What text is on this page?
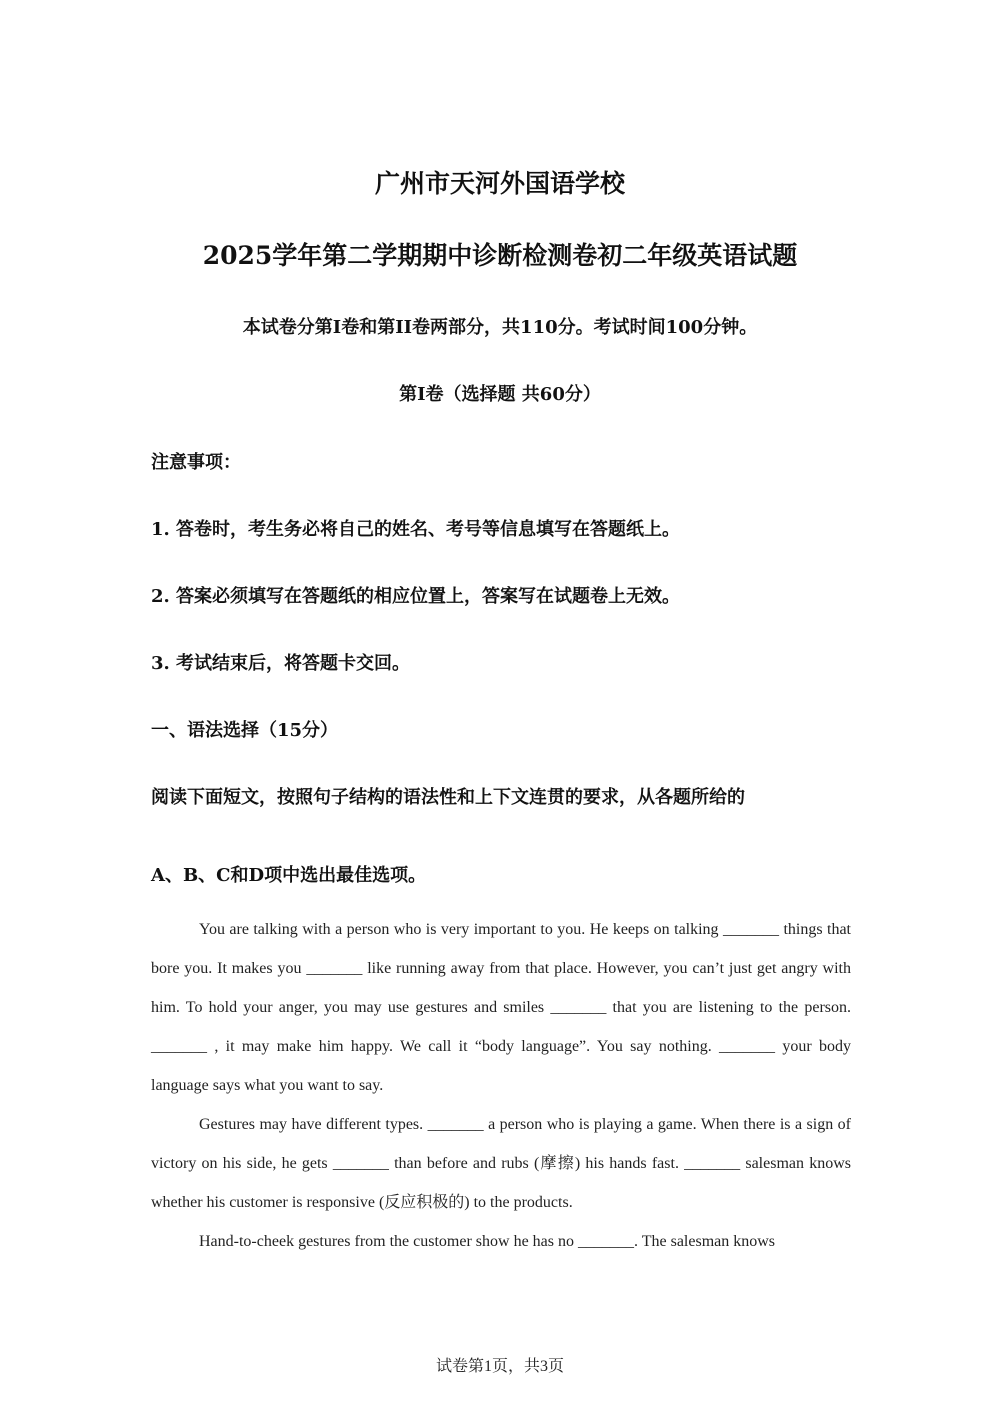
广州市天河外国语学校
2025学年第二学期期中诊断检测卷初二年级英语试题
本试卷分第I卷和第II卷两部分，共110分。考试时间100分钟。
第I卷（选择题 共60分）
注意事项：
1. 答卷时，考生务必将自己的姓名、考号等信息填写在答题纸上。
2. 答案必须填写在答题纸的相应位置上，答案写在试题卷上无效。
3. 考试结束后，将答题卡交回。
一、语法选择（15分）
阅读下面短文，按照句子结构的语法性和上下文连贯的要求，从各题所给的
A、B、C和D项中选出最佳选项。

You are talking with a person who is very important to you. He keeps on talking _______ things that bore you. It makes you _______ like running away from that place. However, you can’t just get angry with him. To hold your anger, you may use gestures and smiles _______ that you are listening to the person. _______ , it may make him happy. We call it “body language”. You say nothing. _______ your body language says what you want to say.

Gestures may have different types. _______ a person who is playing a game. When there is a sign of victory on his side, he gets _______ than before and rubs (摩擦) his hands fast. _______ salesman knows whether his customer is responsive (反应积极的) to the products.

Hand-to-cheek gestures from the customer show he has no _______. The salesman knows

试卷第1页，共3页
